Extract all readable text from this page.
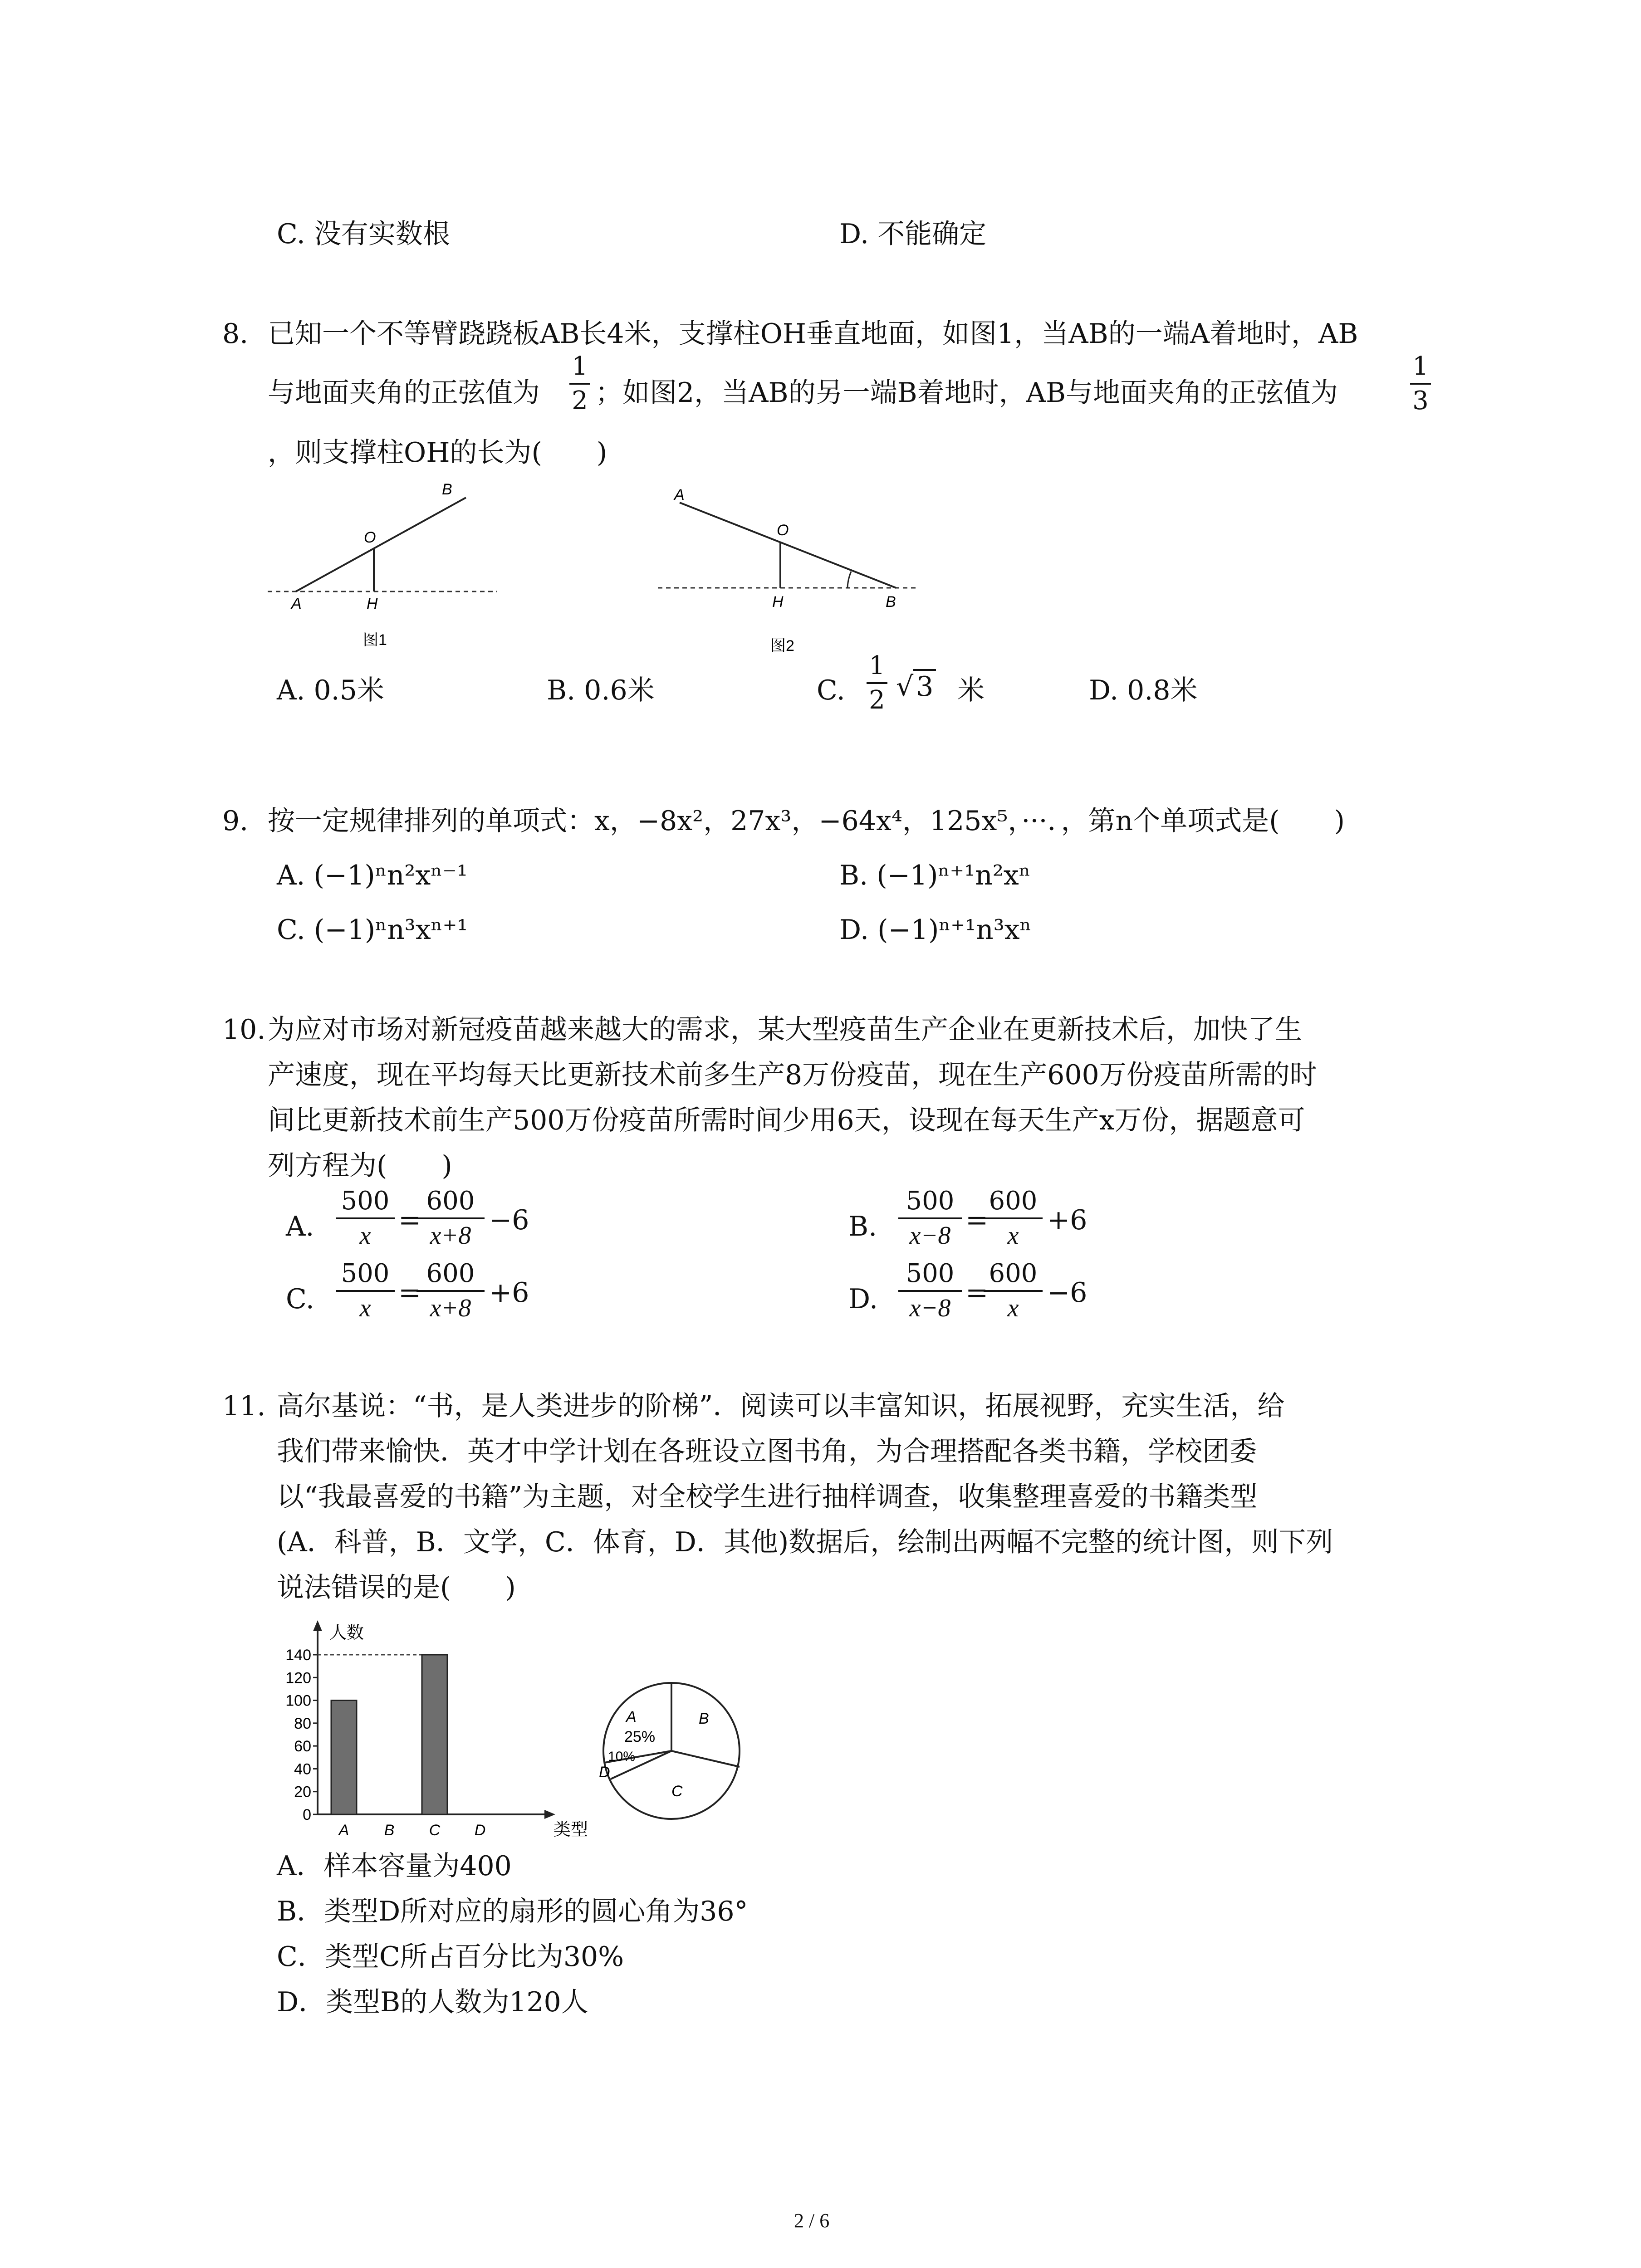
C. 没有实数根	D. 不能确定
8. 已知一个不等臂跷跷板AB长4米，支撑柱OH垂直地面，如图1，当AB的一端A着地时，AB
与地面夹角的正弦值为
1
2 ；如图2，当AB的另一端B着地时，AB与地面夹角的正弦值为
1
3
，则支撑柱OH的长为(　　)
A	H
O
B
图1
A
O
H	B
图2
A. 0.5米	B. 0.6米	C.
1
2 √ 3 米	D. 0.8米
9. 按一定规律排列的单项式：x，−8x²，27x³，−64x⁴，125x⁵，···．，第n个单项式是(　　)
A. (−1)ⁿn²xⁿ⁻¹	B. (−1)ⁿ⁺¹n²xⁿ
C. (−1)ⁿn³xⁿ⁺¹	D. (−1)ⁿ⁺¹n³xⁿ
10. 为应对市场对新冠疫苗越来越大的需求，某大型疫苗生产企业在更新技术后，加快了生
产速度，现在平均每天比更新技术前多生产8万份疫苗，现在生产600万份疫苗所需的时
间比更新技术前生产500万份疫苗所需时间少用6天，设现在每天生产x万份，据题意可
列方程为(　　)
A.
500
x	=
600
x+8 −6	B.
500
x−8 =
600
x	+6
C.
500
x	=
600
x+8 +6	D.
500
x−8 =
600
x	−6
11. 高尔基说：“书，是人类进步的阶梯”．阅读可以丰富知识，拓展视野，充实生活，给
我们带来愉快．英才中学计划在各班设立图书角，为合理搭配各类书籍，学校团委
以“我最喜爱的书籍”为主题，对全校学生进行抽样调查，收集整理喜爱的书籍类型
(A．科普，B．文学，C．体育，D．其他)数据后，绘制出两幅不完整的统计图，则下列
说法错误的是(　　)
0
20
40
60
80
100
120
140
A B C D
人数
类型
A
25%
B
C
10%
D
A．样本容量为400
B．类型D所对应的扇形的圆心角为36°
C．类型C所占百分比为30%
D．类型B的人数为120人
2 / 6
